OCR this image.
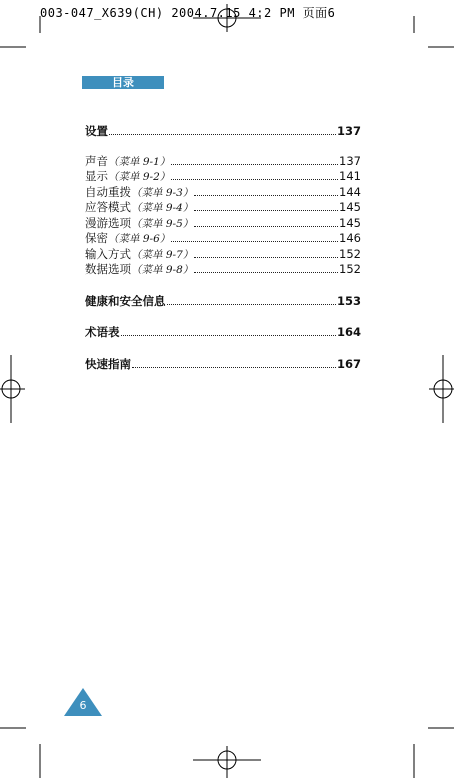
003-047_X639(CH) 2004.7.15 4:2 PM 页面6
目录
设置	137
声音 （菜单 9-1）	137
显示 （菜单 9-2）	141
自动重拨 （菜单 9-3）	144
应答模式 （菜单 9-4）	145
漫游选项 （菜单 9-5）	145
保密 （菜单 9-6）	146
输入方式 （菜单 9-7）	152
数据选项 （菜单 9-8）	152
健康和安全信息	153
术语表	164
快速指南	167
6
